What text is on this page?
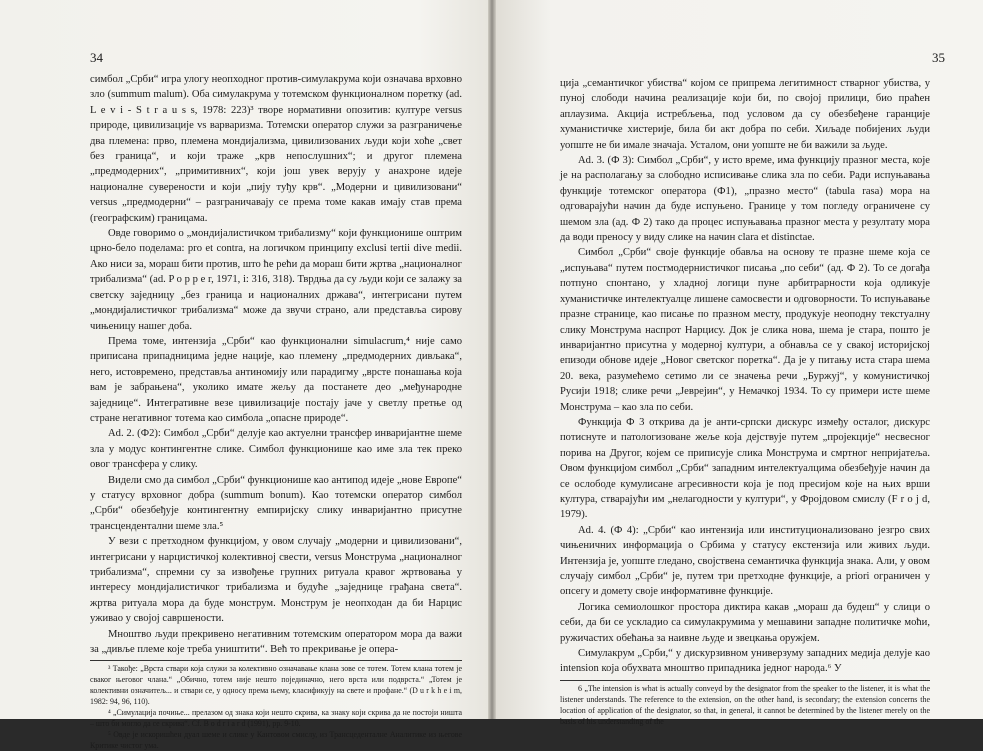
34

симбол „Срби“ игра улогу неопходног против-симулакрума који означава врховно зло (summum malum). Оба симулакрума у тотемском функционалном поретку (ad. L e v i - S t r a u s s, 1978: 223)³ творе нормативни опозитив: културе versus природе, цивилизације vs варваризма. Тотемски оператор служи за разграничење два племена: прво, племена мондијализма, цивилизованих људи који хоће „свет без граница“, и који траже „крв непослушних“; и другог племена „предмодерних“, „примитивних“, који још увек верују у анахроне идеје националне суверености и који „пију туђу крв“. „Модерни и цивилизовани“ versus „предмодерни“ – разграничавају се према томе какав имају став према (географским) границама.

Овде говоримо о „мондијалистичком трибализму“ који функционише оштрим црно-бело поделама: pro et contra, на логичком принципу exclusi tertii dive medii. Ако ниси за, мораш бити против, што ће рећи да мораш бити жртва „националног трибализма“ (ad. P o p p e r, 1971, i: 316, 318). Тврдња да су људи који се залажу за светску заједницу „без граница и националних држава“, интегрисани путем „мондијалистичког трибализма“ може да звучи страно, али представља сирову чињеницу нашег доба.

Према томе, интензија „Срби“ као функционални simulacrum,⁴ није само приписана припадницима једне нације, као племену „предмодерних дивљака“, него, истовремено, представља антиномију или парадигму „врсте понашања која вам је забрањена“, уколико имате жељу да постанете део „међународне заједнице“. Интегративне везе цивилизације постају јаче у светлу претње од стране негативног тотема као симбола „опасне природе“.

Ad. 2. (Ф2): Симбол „Срби“ делује као актуелни трансфер инваријантне шеме зла у модус контингентне слике. Симбол функционише као име зла тек преко овог трансфера у слику.

Видели смо да симбол „Срби“ функционише као антипод идеје „нове Европе“ у статусу врховног добра (summum bonum). Као тотемски оператор симбол „Срби“ обезбеђује контингентну емпиријску слику инваријантно присутне трансцендентални шеме зла.⁵

У вези с претходном функцијом, у овом случају „модерни и цивилизовани“, интегрисани у нарцистичкој колективној свести, versus Монструма „националног трибализма“, спремни су за извођење групних ритуала кравог жртвовања у интересу мондијалистичког трибализма и будуће „заједнице грађана света“. жртва ритуала мора да буде монструм. Монструм је неопходан да би Нарцис уживао у својој савршености.

Мноштво људи прекривено негативним тотемским оператором мора да важи за „дивље племе које треба уништити“. Већ то прекривање је опера-

³ Такође: „Врста ствари која служи за колективно означавање клана зове се тотем. Тотем клана тотем је сваког његовог члана.“ „Обично, тотем није нешто појединачно, него врста или подврста.“ „Тотем је колективни означитељ... и ствари се, у односу према њему, класификују на свете и профане.“ (D u r k h e i m, 1982: 94, 96, 110).

⁴ „Симулација почиње... прелазом од знака који нешто скрива, ка знаку који скрива да не постоји ништа – што би могло да се скрива“. Cf. B o d r i a r d (1991), pp. 9-10.

⁵ Овде је искоришћен дуал шеме и слике у Кантовом смислу, из Трансцеденталне Аналитике из његове Критике чистог ума.

35

ција „семантичког убиства“ којом се припрема легитимност стварног убиства, у пуној слободи начина реализације који би, по својој прилици, био праћен аплаузима. Акција истребљења, под условом да су обезбеђене гаранције хуманистичке хистерије, била би акт добра по себи. Хиљаде побијених људи уопште не би имале значаја. Усталом, они уопште не би важили за људе.

Ad. 3. (Ф 3): Симбол „Срби“, у исто време, има функцију празног места, које је на располагању за слободно исписивање слика зла по себи. Ради испуњавања функције тотемског оператора (Ф1), „празно место“ (tabula rasa) мора на одговарајући начин да буде испуњено. Границе у том погледу ограничене су шемом зла (ад. Ф 2) тако да процес испуњавања празног места у резултату мора да води преносу у виду слике на начин clara et distinctae.

Симбол „Срби“ своје функције обавља на основу те празне шеме која се „испуњава“ путем постмодернистичког писања „по себи“ (ад. Ф 2). То се догађа потпуно спонтано, у хладној логици пуне арбитрарности која одликује хуманистичке интелектуалце лишене самосвести и одговорности. То испуњавање празне странице, као писање по празном месту, продукује неоподну текстуалну слику Монструма наспрот Нарцису. Док је слика нова, шема је стара, пошто је инваријантно присутна у модерној култури, а обнавља се у свакој историјској епизоди обнове идеје „Новог светског поретка“. Да је у питању иста стара шема 20. века, разумећемо сетимо ли се значења речи „Буржуј“, у комунистичкој Русији 1918; слике речи „Јевреjин“, у Немачкој 1934. То су примери исте шеме Монструма – као зла по себи.

Функција Ф 3 открива да је анти-српски дискурс између осталог, дискурс потиснуте и патологизоване жеље која дејствује путем „пројекције“ несвесног порива на Другог, којем се приписује слика Монструма и смртног непријатеља. Овом функцијом симбол „Срби“ западним интелектуалцима обезбеђује начин да се ослободе кумулисане агресивности која је под пресијом које на њих врши култура, стварајући им „нелагодности у култури“, у Фројдовом смислу (F r o j d, 1979).

Ad. 4. (Ф 4): „Срби“ као интензија или институционализовано језгро свих чињеничних информација о Србима у статусу екстензија или живих људи. Интензија је, уопште гледано, својствена семантичка функција знака. Али, у овом случају симбол „Срби“ је, путем три претходне функције, a priori ограничен у опсегу и домету своје информативне функције.

Логика семиолошког простора диктира какав „мораш да будеш“ у слици о себи, да би се ускладио са симулакрумима у мешавини западне политичке моћи, ружичастих обећања за наивне људе и звецкања оружјем.

Симулакрум „Срби,“ у дискурзивном универзуму западних медија делује као intension која обухвата мноштво припадника једног народа.⁶ У

6 „The intension is what is actually conveyd by the designator from the speaker to the listener, it is what the listener understands. The reference to the extension, on the other hand, is secondary; the extension concerns the location of application of the designator, so that, in general, it cannot be determined by the listener merely on the basis of his understanding of the
